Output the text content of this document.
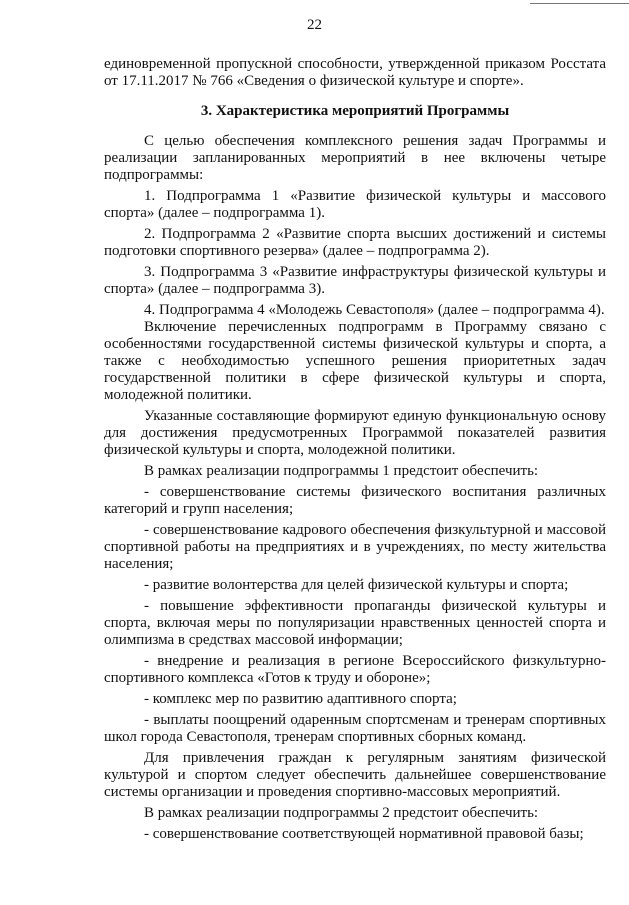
22

единовременной пропускной способности, утвержденной приказом Росстата от 17.11.2017 № 766 «Сведения о физической культуре и спорте».

3. Характеристика мероприятий Программы

С целью обеспечения комплексного решения задач Программы и реализации запланированных мероприятий в нее включены четыре подпрограммы:

1. Подпрограмма 1 «Развитие физической культуры и массового спорта» (далее – подпрограмма 1).

2. Подпрограмма 2 «Развитие спорта высших достижений и системы подготовки спортивного резерва» (далее – подпрограмма 2).

3. Подпрограмма 3 «Развитие инфраструктуры физической культуры и спорта» (далее – подпрограмма 3).

4. Подпрограмма 4 «Молодежь Севастополя» (далее – подпрограмма 4).

Включение перечисленных подпрограмм в Программу связано с особенностями государственной системы физической культуры и спорта, а также с необходимостью успешного решения приоритетных задач государственной политики в сфере физической культуры и спорта, молодежной политики.

Указанные составляющие формируют единую функциональную основу для достижения предусмотренных Программой показателей развития физической культуры и спорта, молодежной политики.

В рамках реализации подпрограммы 1 предстоит обеспечить:

- совершенствование системы физического воспитания различных категорий и групп населения;

- совершенствование кадрового обеспечения физкультурной и массовой спортивной работы на предприятиях и в учреждениях, по месту жительства населения;

- развитие волонтерства для целей физической культуры и спорта;

- повышение эффективности пропаганды физической культуры и спорта, включая меры по популяризации нравственных ценностей спорта и олимпизма в средствах массовой информации;

- внедрение и реализация в регионе Всероссийского физкультурно-спортивного комплекса «Готов к труду и обороне»;

- комплекс мер по развитию адаптивного спорта;

- выплаты поощрений одаренным спортсменам и тренерам спортивных школ города Севастополя, тренерам спортивных сборных команд.

Для привлечения граждан к регулярным занятиям физической культурой и спортом следует обеспечить дальнейшее совершенствование системы организации и проведения спортивно-массовых мероприятий.

В рамках реализации подпрограммы 2 предстоит обеспечить:

- совершенствование соответствующей нормативной правовой базы;
